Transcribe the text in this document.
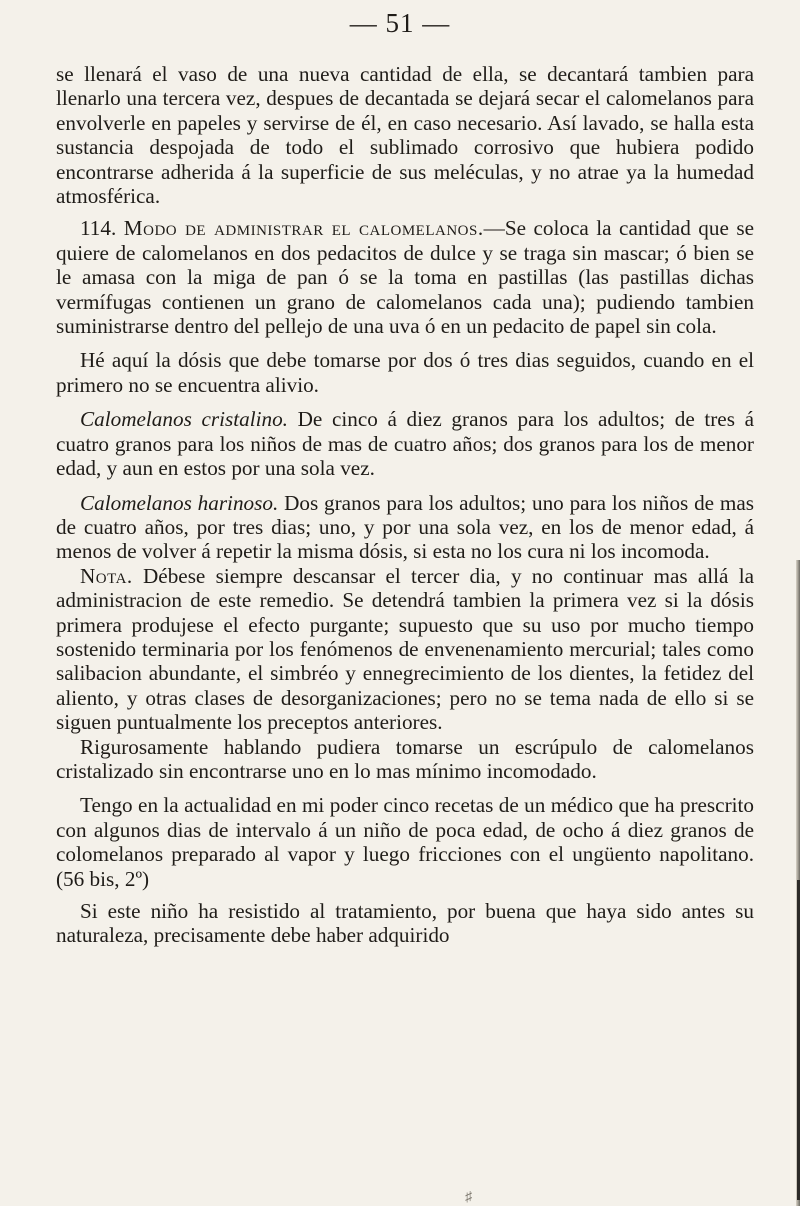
— 51 —

se llenará el vaso de una nueva cantidad de ella, se decantará tambien para llenarlo una tercera vez, despues de decantada se dejará secar el calomelanos para envolverle en papeles y servirse de él, en caso necesario. Así lavado, se halla esta sustancia despojada de todo el sublimado corrosivo que hubiera podido encontrarse adherida á la superficie de sus meléculas, y no atrae ya la humedad atmosférica.

114. Modo de administrar el calomelanos.—Se coloca la cantidad que se quiere de calomelanos en dos pedacitos de dulce y se traga sin mascar; ó bien se le amasa con la miga de pan ó se la toma en pastillas (las pastillas dichas vermífugas contienen un grano de calomelanos cada una); pudiendo tambien suministrarse dentro del pellejo de una uva ó en un pedacito de papel sin cola.

Hé aquí la dósis que debe tomarse por dos ó tres dias seguidos, cuando en el primero no se encuentra alivio.

Calomelanos cristalino. De cinco á diez granos para los adultos; de tres á cuatro granos para los niños de mas de cuatro años; dos granos para los de menor edad, y aun en estos por una sola vez.

Calomelanos harinoso. Dos granos para los adultos; uno para los niños de mas de cuatro años, por tres dias; uno, y por una sola vez, en los de menor edad, á menos de volver á repetir la misma dósis, si esta no los cura ni los incomoda.

Nota. Débese siempre descansar el tercer dia, y no continuar mas allá la administracion de este remedio. Se detendrá tambien la primera vez si la dósis primera produjese el efecto purgante; supuesto que su uso por mucho tiempo sostenido terminaria por los fenómenos de envenenamiento mercurial; tales como salibacion abundante, el simbréo y ennegrecimiento de los dientes, la fetidez del aliento, y otras clases de desorganizaciones; pero no se tema nada de ello si se siguen puntualmente los preceptos anteriores.

Rigurosamente hablando pudiera tomarse un escrúpulo de calomelanos cristalizado sin encontrarse uno en lo mas mínimo incomodado.

Tengo en la actualidad en mi poder cinco recetas de un médico que ha prescrito con algunos dias de intervalo á un niño de poca edad, de ocho á diez granos de colomelanos preparado al vapor y luego fricciones con el ungüento napolitano. (56 bis, 2º)

Si este niño ha resistido al tratamiento, por buena que haya sido antes su naturaleza, precisamente debe haber adquirido

♯
